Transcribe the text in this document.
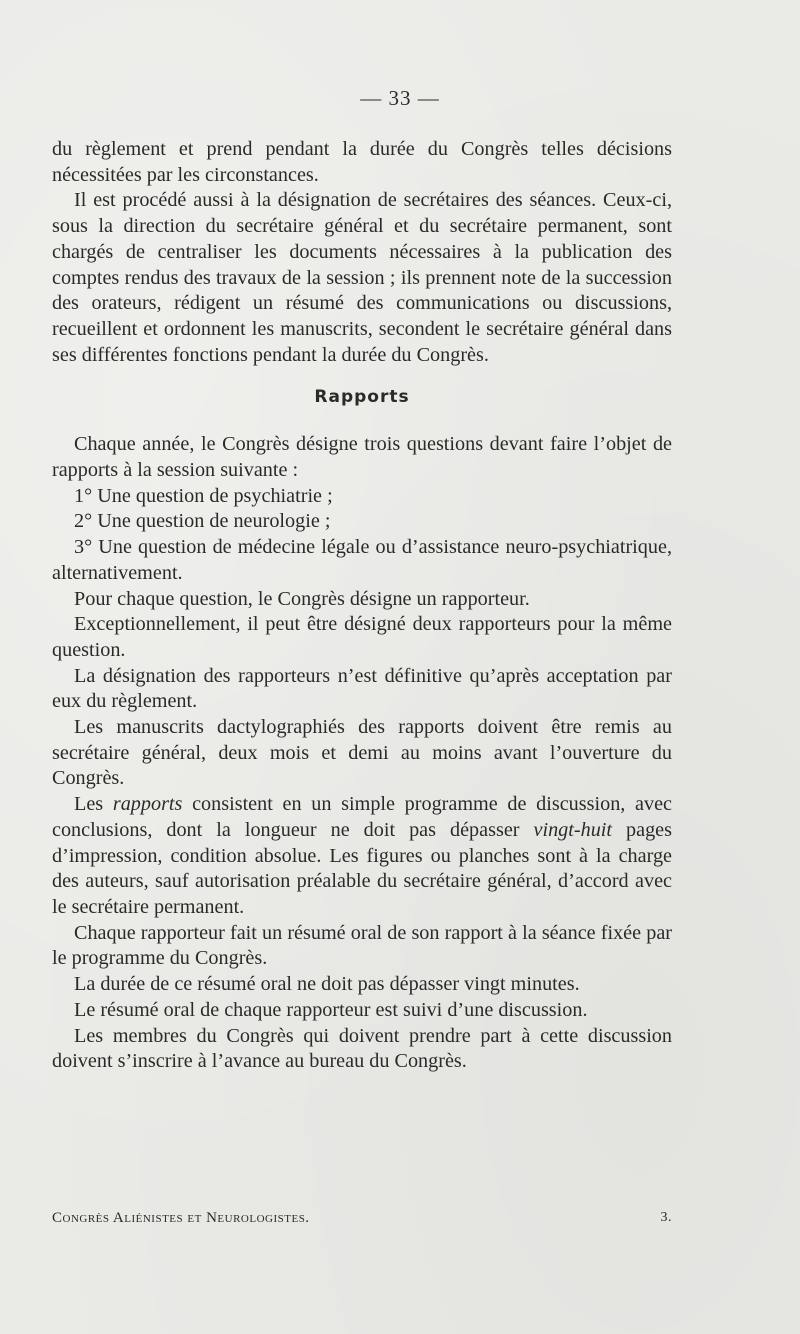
— 33 —

du règlement et prend pendant la durée du Congrès telles décisions nécessitées par les circonstances.

Il est procédé aussi à la désignation de secrétaires des séances. Ceux-ci, sous la direction du secrétaire général et du secrétaire permanent, sont chargés de centraliser les documents nécessaires à la publication des comptes rendus des travaux de la session ; ils prennent note de la succession des orateurs, rédigent un résumé des communications ou discussions, recueillent et ordonnent les manuscrits, secondent le secrétaire général dans ses différentes fonctions pendant la durée du Congrès.

Rapports

Chaque année, le Congrès désigne trois questions devant faire l’objet de rapports à la session suivante :

1° Une question de psychiatrie ;

2° Une question de neurologie ;

3° Une question de médecine légale ou d’assistance neuro-psychiatrique, alternativement.

Pour chaque question, le Congrès désigne un rapporteur.

Exceptionnellement, il peut être désigné deux rapporteurs pour la même question.

La désignation des rapporteurs n’est définitive qu’après acceptation par eux du règlement.

Les manuscrits dactylographiés des rapports doivent être remis au secrétaire général, deux mois et demi au moins avant l’ouverture du Congrès.

Les rapports consistent en un simple programme de discussion, avec conclusions, dont la longueur ne doit pas dépasser vingt-huit pages d’impression, condition absolue. Les figures ou planches sont à la charge des auteurs, sauf autorisation préalable du secrétaire général, d’accord avec le secrétaire permanent.

Chaque rapporteur fait un résumé oral de son rapport à la séance fixée par le programme du Congrès.

La durée de ce résumé oral ne doit pas dépasser vingt minutes.

Le résumé oral de chaque rapporteur est suivi d’une discussion.

Les membres du Congrès qui doivent prendre part à cette discussion doivent s’inscrire à l’avance au bureau du Congrès.

Congrès Aliénistes et Neurologistes.	3.
